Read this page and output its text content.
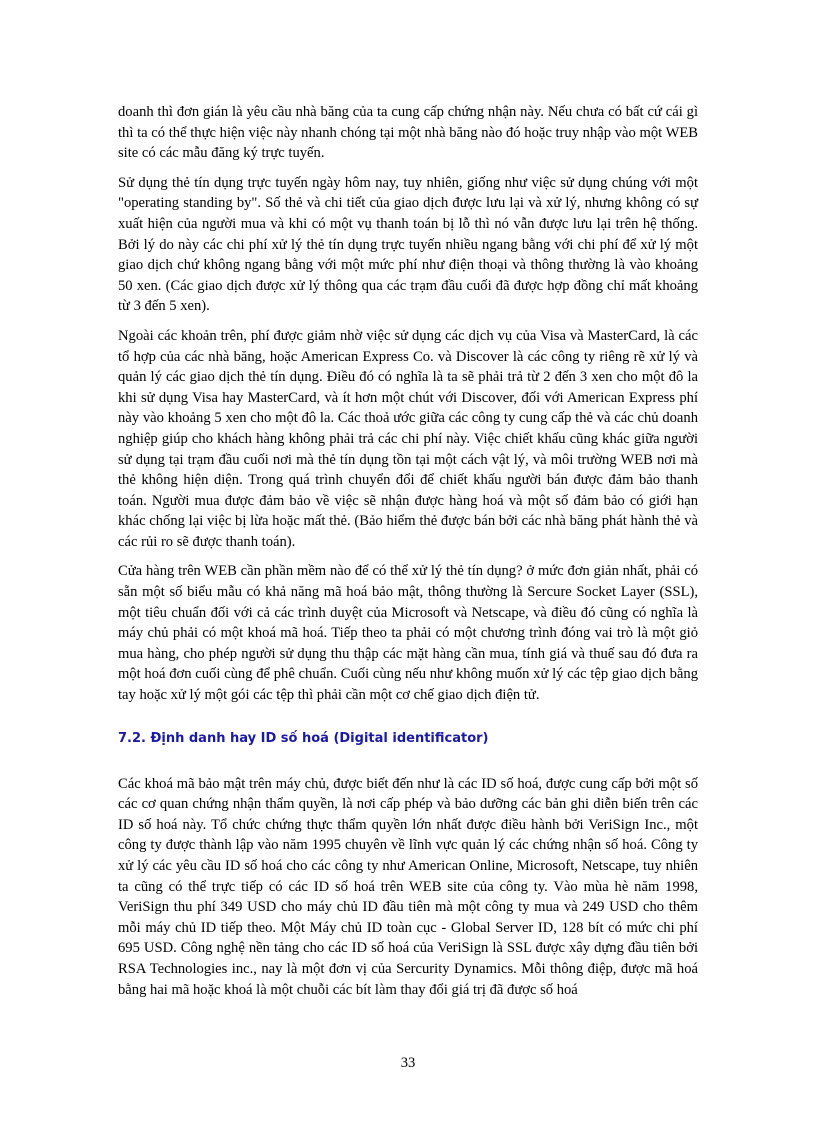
doanh thì đơn gián là yêu cầu nhà băng của ta cung cấp chứng nhận này. Nếu chưa có bất cứ cái gì thì ta có thể thực hiện việc này nhanh chóng tại một nhà băng nào đó hoặc truy nhập vào một WEB site có các mẫu đăng ký trực tuyến.

Sử dụng thẻ tín dụng trực tuyến ngày hôm nay, tuy nhiên, giống như việc sử dụng chúng với một "operating standing by". Số thẻ và chi tiết của giao dịch được lưu lại và xử lý, nhưng không có sự xuất hiện của người mua và khi có một vụ thanh toán bị lỗ thì nó vẫn được lưu lại trên hệ thống. Bởi lý do này các chi phí xử lý thẻ tín dụng trực tuyến nhiều ngang bằng với chi phí để xử lý một giao dịch chứ không ngang bằng với một mức phí như điện thoại và thông thường là vào khoảng 50 xen. (Các giao dịch được xử lý thông qua các trạm đầu cuối đã được hợp đồng chỉ mất khoảng từ 3 đến 5 xen).

Ngoài các khoản trên, phí được giảm nhờ việc sử dụng các dịch vụ của Visa và MasterCard, là các tổ hợp của các nhà băng, hoặc American Express Co. và Discover là các công ty riêng rẽ xử lý và quản lý các giao dịch thẻ tín dụng. Điều đó có nghĩa là ta sẽ phải trả từ 2 đến 3 xen cho một đô la khi sử dụng Visa hay MasterCard, và ít hơn một chút với Discover, đối với American Express phí này vào khoảng 5 xen cho một đô la. Các thoả ước giữa các công ty cung cấp thẻ và các chủ doanh nghiệp giúp cho khách hàng không phải trả các chi phí này. Việc chiết khấu cũng khác giữa người sử dụng tại trạm đầu cuối nơi mà thẻ tín dụng tồn tại một cách vật lý, và môi trường WEB nơi mà thẻ không hiện diện. Trong quá trình chuyển đổi để chiết khấu người bán được đảm bảo thanh toán. Người mua được đảm bảo về việc sẽ nhận được hàng hoá và một số đảm bảo có giới hạn khác chống lại việc bị lừa hoặc mất thẻ. (Bảo hiểm thẻ được bán bởi các nhà băng phát hành thẻ và các rủi ro sẽ được thanh toán).

Cửa hàng trên WEB cần phần mềm nào để có thể xử lý thẻ tín dụng? ở mức đơn giản nhất, phải có sẵn một số biểu mẫu có khả năng mã hoá bảo mật, thông thường là Sercure Socket Layer (SSL), một tiêu chuẩn đối với cả các trình duyệt của Microsoft và Netscape, và điều đó cũng có nghĩa là máy chủ phải có một khoá mã hoá. Tiếp theo ta phải có một chương trình đóng vai trò là một giỏ mua hàng, cho phép người sử dụng thu thập các mặt hàng cần mua, tính giá và thuế sau đó đưa ra một hoá đơn cuối cùng để phê chuẩn. Cuối cùng nếu như không muốn xử lý các tệp giao dịch bằng tay hoặc xử lý một gói các tệp thì phải cần một cơ chế giao dịch điện tử.

7.2. Định danh hay ID số hoá (Digital identificator)

Các khoá mã bảo mật trên máy chủ, được biết đến như là các ID số hoá, được cung cấp bởi một số các cơ quan chứng nhận thẩm quyền, là nơi cấp phép và bảo dưỡng các bản ghi diễn biến trên các ID số hoá này. Tổ chức chứng thực thẩm quyền lớn nhất được điều hành bởi VeriSign Inc., một công ty được thành lập vào năm 1995 chuyên về lĩnh vực quản lý các chứng nhận số hoá. Công ty xử lý các yêu cầu ID số hoá cho các công ty như American Online, Microsoft, Netscape, tuy nhiên ta cũng có thể trực tiếp có các ID số hoá trên WEB site của công ty. Vào mùa hè năm 1998, VeriSign thu phí 349 USD cho máy chủ ID đầu tiên mà một công ty mua và 249 USD cho thêm mỗi máy chủ ID tiếp theo. Một Máy chủ ID toàn cục - Global Server ID, 128 bít có mức chi phí 695 USD. Công nghệ nền tảng cho các ID số hoá của VeriSign là SSL được xây dựng đầu tiên bởi RSA Technologies inc., nay là một đơn vị của Sercurity Dynamics. Mỗi thông điệp, được mã hoá bằng hai mã hoặc khoá là một chuỗi các bít làm thay đổi giá trị đã được số hoá

33
